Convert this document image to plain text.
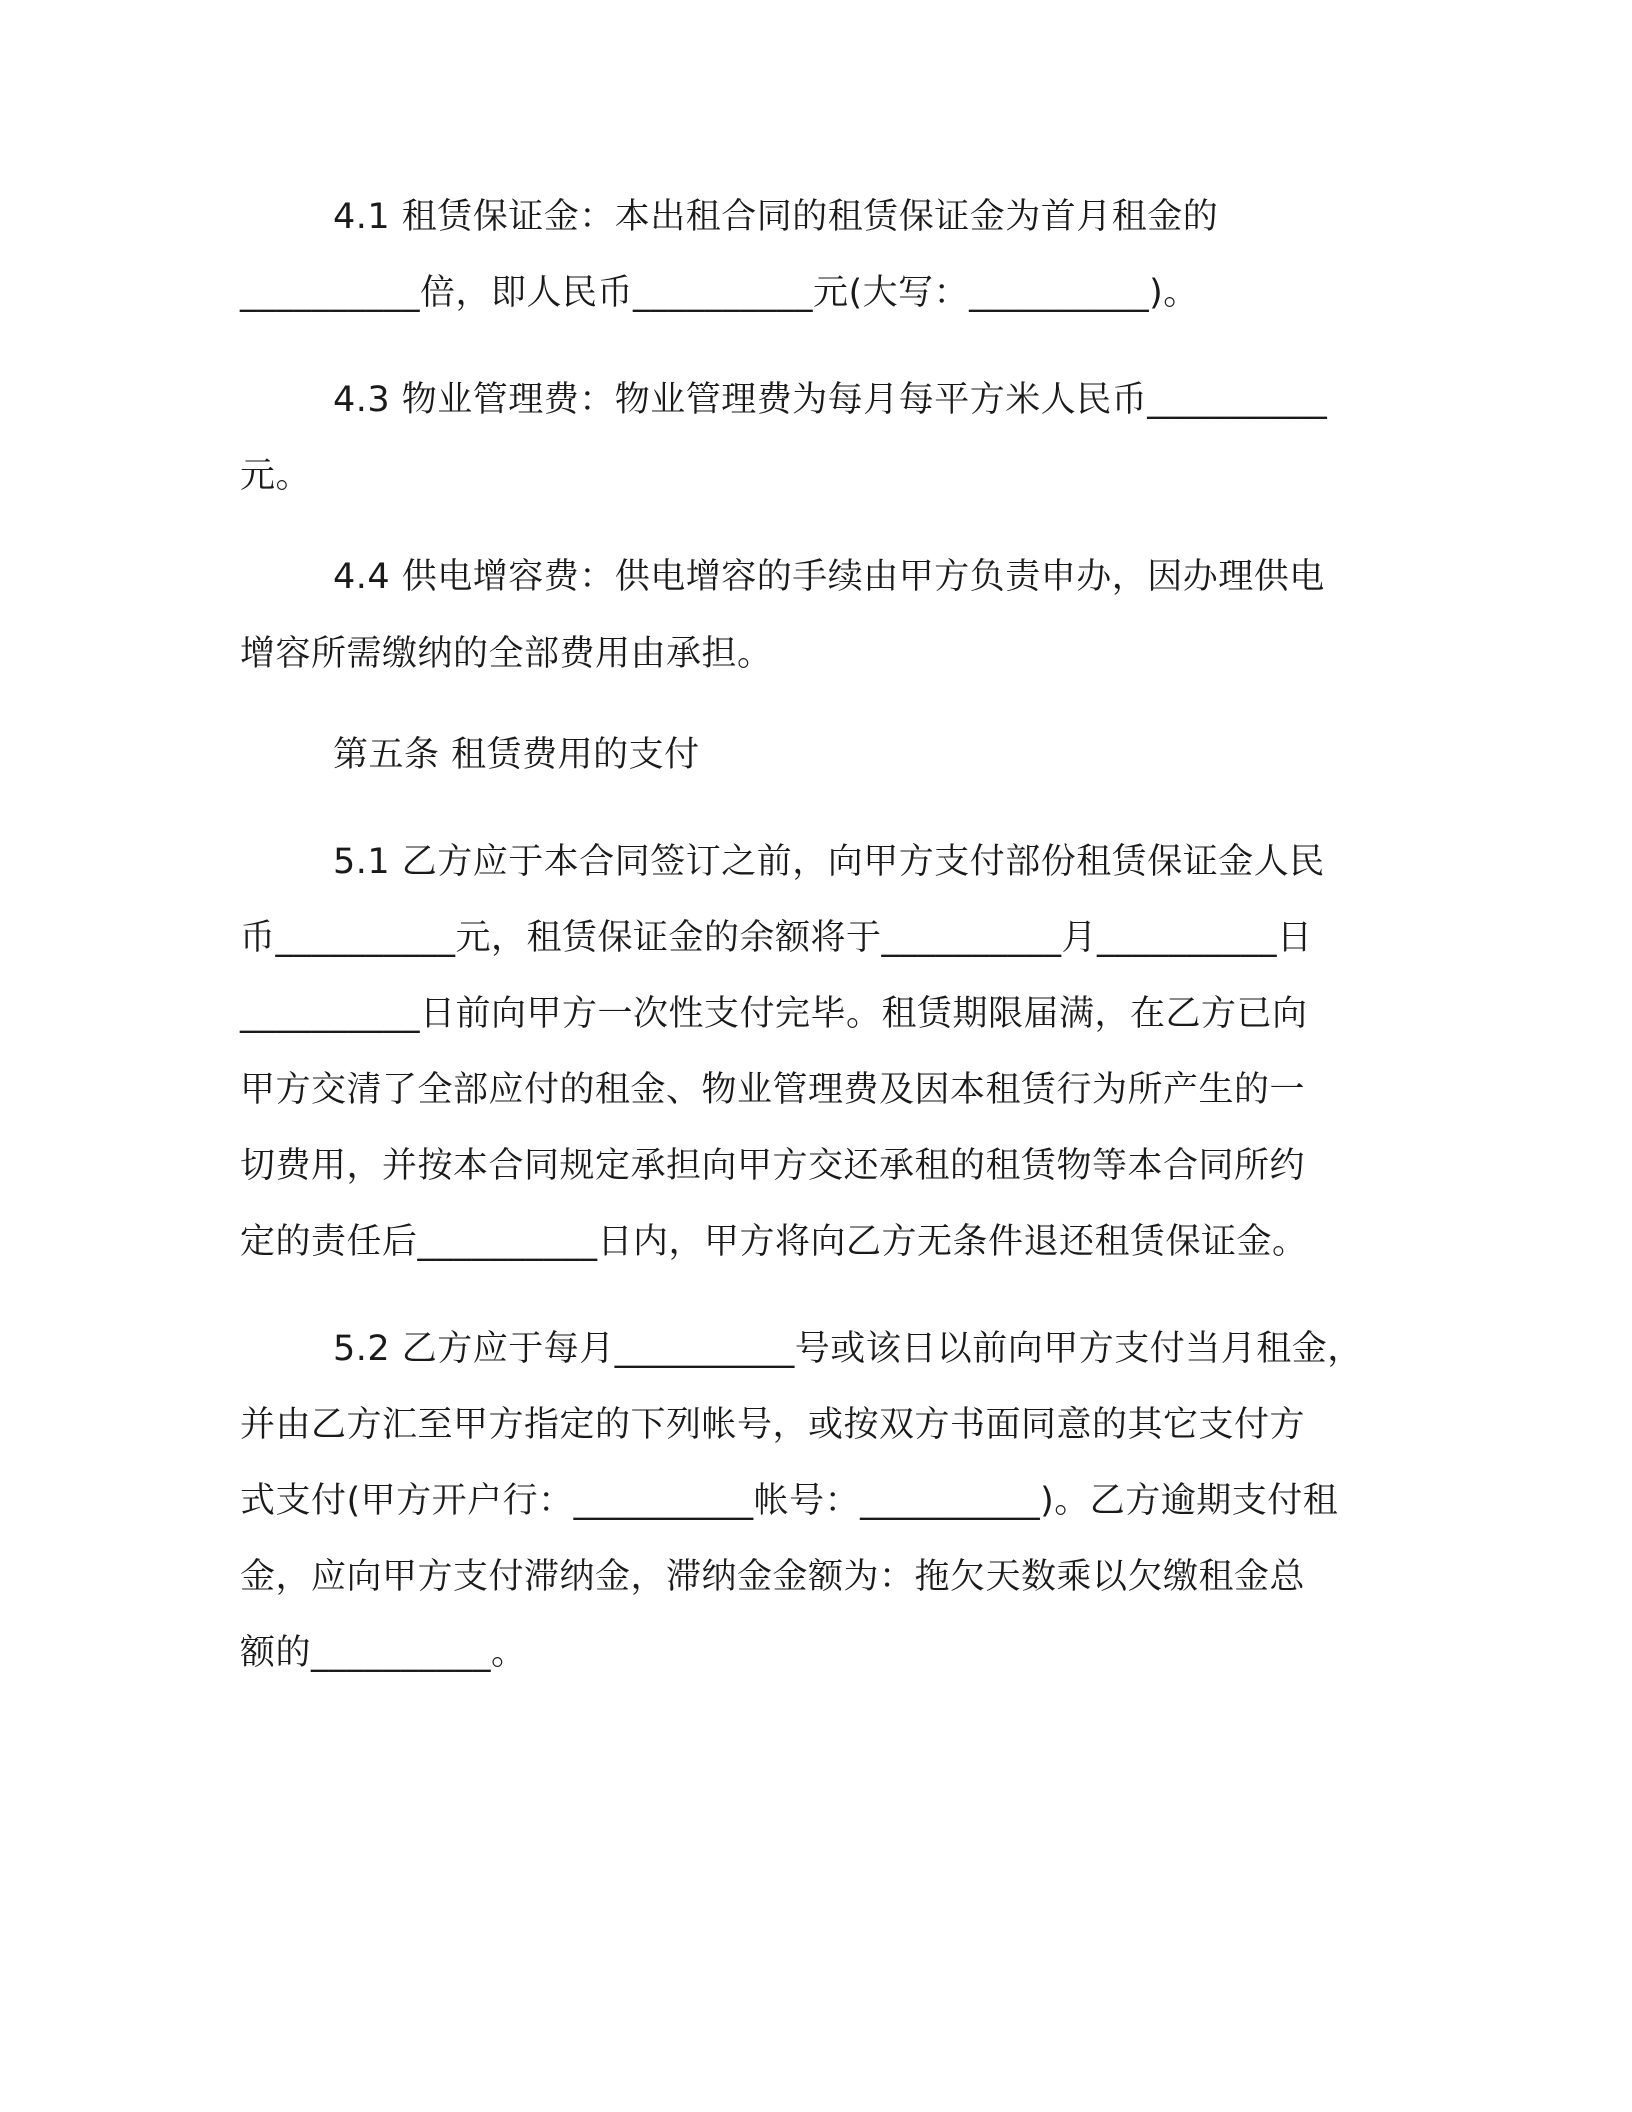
4.1 租赁保证金：本出租合同的租赁保证金为首月租金的
__________倍，即人民币__________元(大写：__________)。
4.3 物业管理费：物业管理费为每月每平方米人民币__________
元。
4.4 供电增容费：供电增容的手续由甲方负责申办，因办理供电
增容所需缴纳的全部费用由承担。
第五条 租赁费用的支付
5.1 乙方应于本合同签订之前，向甲方支付部份租赁保证金人民
币__________元，租赁保证金的余额将于__________月__________日
__________日前向甲方一次性支付完毕。租赁期限届满，在乙方已向
甲方交清了全部应付的租金、物业管理费及因本租赁行为所产生的一
切费用，并按本合同规定承担向甲方交还承租的租赁物等本合同所约
定的责任后__________日内，甲方将向乙方无条件退还租赁保证金。
5.2 乙方应于每月__________号或该日以前向甲方支付当月租金，
并由乙方汇至甲方指定的下列帐号，或按双方书面同意的其它支付方
式支付(甲方开户行：__________帐号：__________)。乙方逾期支付租
金，应向甲方支付滞纳金，滞纳金金额为：拖欠天数乘以欠缴租金总
额的__________。
